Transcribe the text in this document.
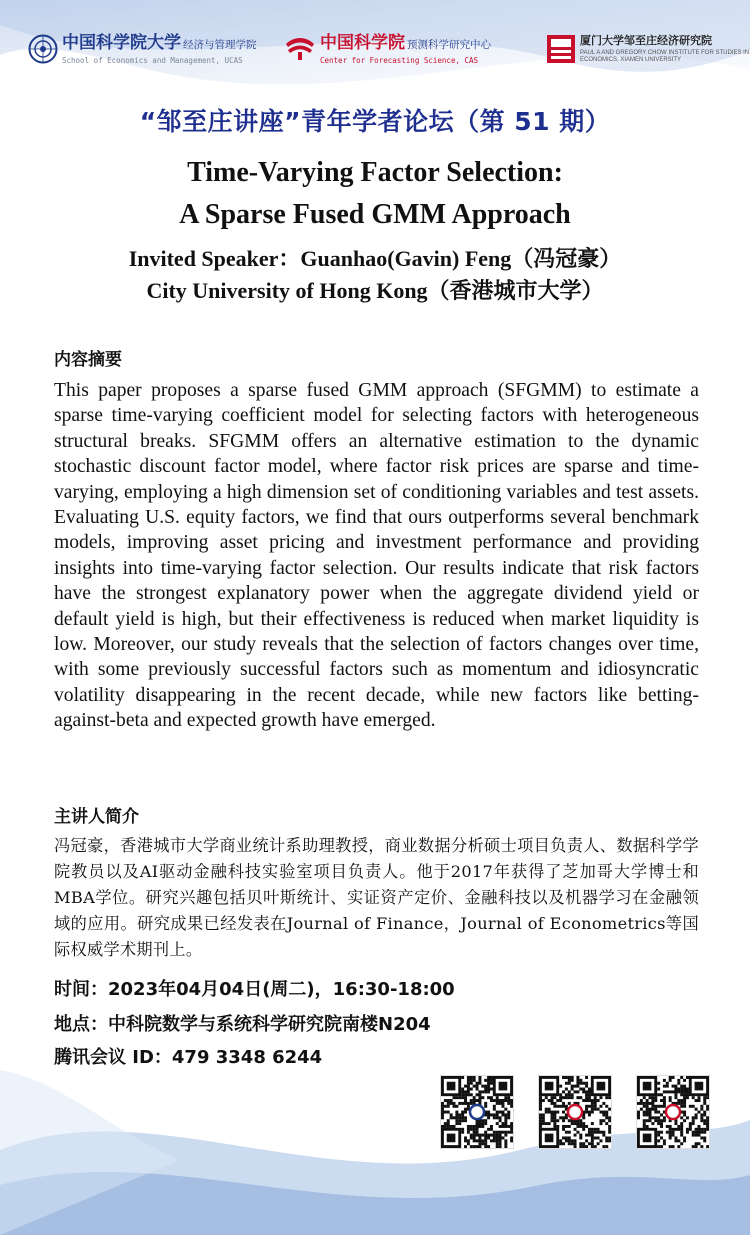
中国科学院大学 经济与管理学院
School of Economics and Management, UCAS
中国科学院 预测科学研究中心
Center for Forecasting Science, CAS
厦门大学邹至庄经济研究院
PAUL A AND GREGORY CHOW INSTITUTE FOR STUDIES IN ECONOMICS, XIAMEN UNIVERSITY
“邹至庄讲座”青年学者论坛（第 51 期）
Time-Varying Factor Selection:
A Sparse Fused GMM Approach
Invited Speaker：Guanhao(Gavin) Feng（冯冠豪）
City University of Hong Kong（香港城市大学）
内容摘要

This paper proposes a sparse fused GMM approach (SFGMM) to estimate a sparse time-varying coefficient model for selecting factors with heterogeneous structural breaks. SFGMM offers an alternative estimation to the dynamic stochastic discount factor model, where factor risk prices are sparse and time-varying, employing a high dimension set of conditioning variables and test assets. Evaluating U.S. equity factors, we find that ours outperforms several benchmark models, improving asset pricing and investment performance and providing insights into time-varying factor selection. Our results indicate that risk factors have the strongest explanatory power when the aggregate dividend yield or default yield is high, but their effectiveness is reduced when market liquidity is low. Moreover, our study reveals that the selection of factors changes over time, with some previously successful factors such as momentum and idiosyncratic volatility disappearing in the recent decade, while new factors like betting-against-beta and expected growth have emerged.

主讲人简介

冯冠豪，香港城市大学商业统计系助理教授，商业数据分析硕士项目负责人、数据科学学院教员以及AI驱动金融科技实验室项目负责人。他于2017年获得了芝加哥大学博士和MBA学位。研究兴趣包括贝叶斯统计、实证资产定价、金融科技以及机器学习在金融领域的应用。研究成果已经发表在Journal of Finance，Journal of Econometrics等国际权威学术期刊上。

时间：2023年04月04日(周二)，16:30-18:00
地点：中科院数学与系统科学研究院南楼N204
腾讯会议 ID：479 3348 6244
